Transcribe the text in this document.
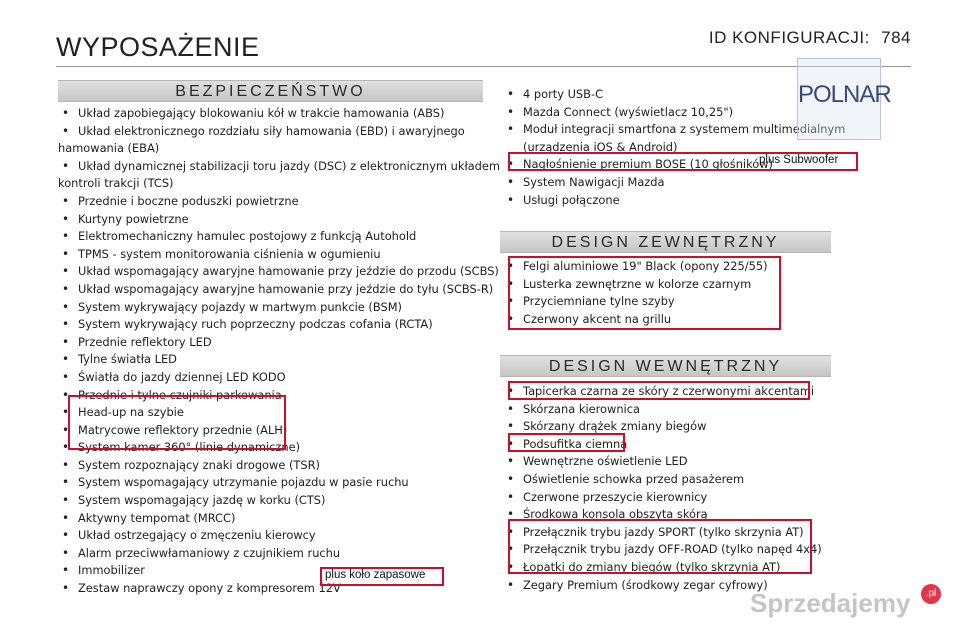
WYPOSAŻENIE	ID KONFIGURACJI: 784
BEZPIECZEŃSTWO
• Układ zapobiegający blokowaniu kół w trakcie hamowania (ABS)
• Układ elektronicznego rozdziału siły hamowania (EBD) i awaryjnego
hamowania (EBA)
• Układ dynamicznej stabilizacji toru jazdy (DSC) z elektronicznym układem
kontroli trakcji (TCS)
• Przednie i boczne poduszki powietrzne
• Kurtyny powietrzne
• Elektromechaniczny hamulec postojowy z funkcją Autohold
• TPMS - system monitorowania ciśnienia w ogumieniu
• Układ wspomagający awaryjne hamowanie przy jeździe do przodu (SCBS)
• Układ wspomagający awaryjne hamowanie przy jeździe do tyłu (SCBS-R)
• System wykrywający pojazdy w martwym punkcie (BSM)
• System wykrywający ruch poprzeczny podczas cofania (RCTA)
• Przednie reflektory LED
• Tylne światła LED
• Światła do jazdy dziennej LED KODO
• Przednie i tylne czujniki parkowania
• Head-up na szybie
• Matrycowe reflektory przednie (ALH)
• System kamer 360° (linie dynamiczne)
• System rozpoznający znaki drogowe (TSR)
• System wspomagający utrzymanie pojazdu w pasie ruchu
• System wspomagający jazdę w korku (CTS)
• Aktywny tempomat (MRCC)
• Układ ostrzegający o zmęczeniu kierowcy
• Alarm przeciwwłamaniowy z czujnikiem ruchu
• Immobilizer
• Zestaw naprawczy opony z kompresorem 12V
plus koło zapasowe
• 4 porty USB-C
• Mazda Connect (wyświetlacz 10,25")
• Moduł integracji smartfona z systemem multimedialnym
(urządzenia iOS & Android)
• Nagłośnienie premium BOSE (10 głośników)
• System Nawigacji Mazda
• Usługi połączone
plus Subwoofer
DESIGN ZEWNĘTRZNY
• Felgi aluminiowe 19" Black (opony 225/55)
• Lusterka zewnętrzne w kolorze czarnym
• Przyciemniane tylne szyby
• Czerwony akcent na grillu
DESIGN WEWNĘTRZNY
• Tapicerka czarna ze skóry z czerwonymi akcentami
• Skórzana kierownica
• Skórzany drążek zmiany biegów
• Podsufitka ciemna
• Wewnętrzne oświetlenie LED
• Oświetlenie schowka przed pasażerem
• Czerwone przeszycie kierownicy
• Środkowa konsola obszyta skórą
• Przełącznik trybu jazdy SPORT (tylko skrzynia AT)
• Przełącznik trybu jazdy OFF-ROAD (tylko napęd 4x4)
• Łopatki do zmiany biegów (tylko skrzynia AT)
• Zegary Premium (środkowy zegar cyfrowy)
POLNAR
Sprzedajemy	.pl
